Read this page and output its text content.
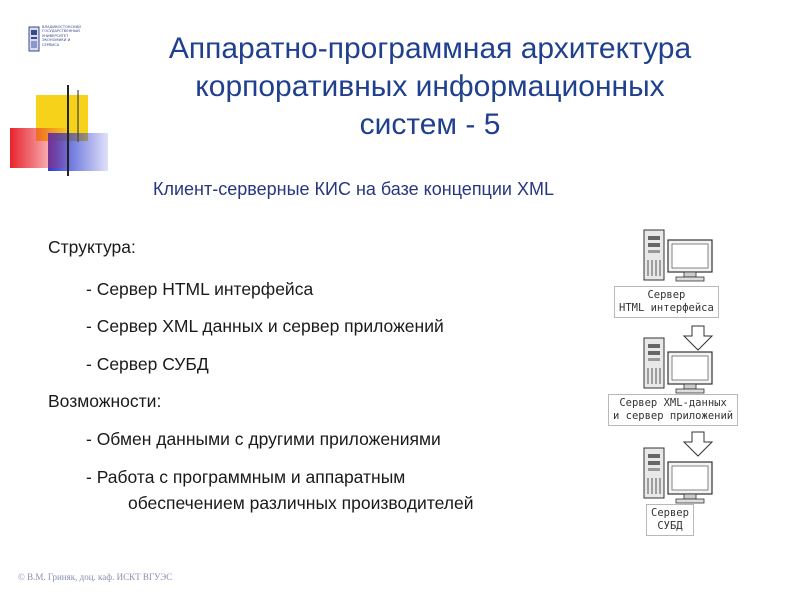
ВЛАДИВОСТОКСКИЙ
ГОСУДАРСТВЕННЫЙ
УНИВЕРСИТЕТ
ЭКОНОМИКИ И
СЕРВИСА	Аппаратно-программная архитектура
корпоративных информационных
систем - 5
Клиент-серверные КИС на базе концепции XML
Структура:
- Сервер HTML интерфейса
- Сервер XML данных и сервер приложений
- Сервер СУБД
Возможности:
- Обмен данными с другими приложениями
- Работа с программным и аппаратным
обеспечением различных производителей
Сервер
HTML интерфейса
Сервер XML-данных
и сервер приложений
Сервер
СУБД
© В.М. Гриняк, доц. каф. ИСКТ ВГУЭС
